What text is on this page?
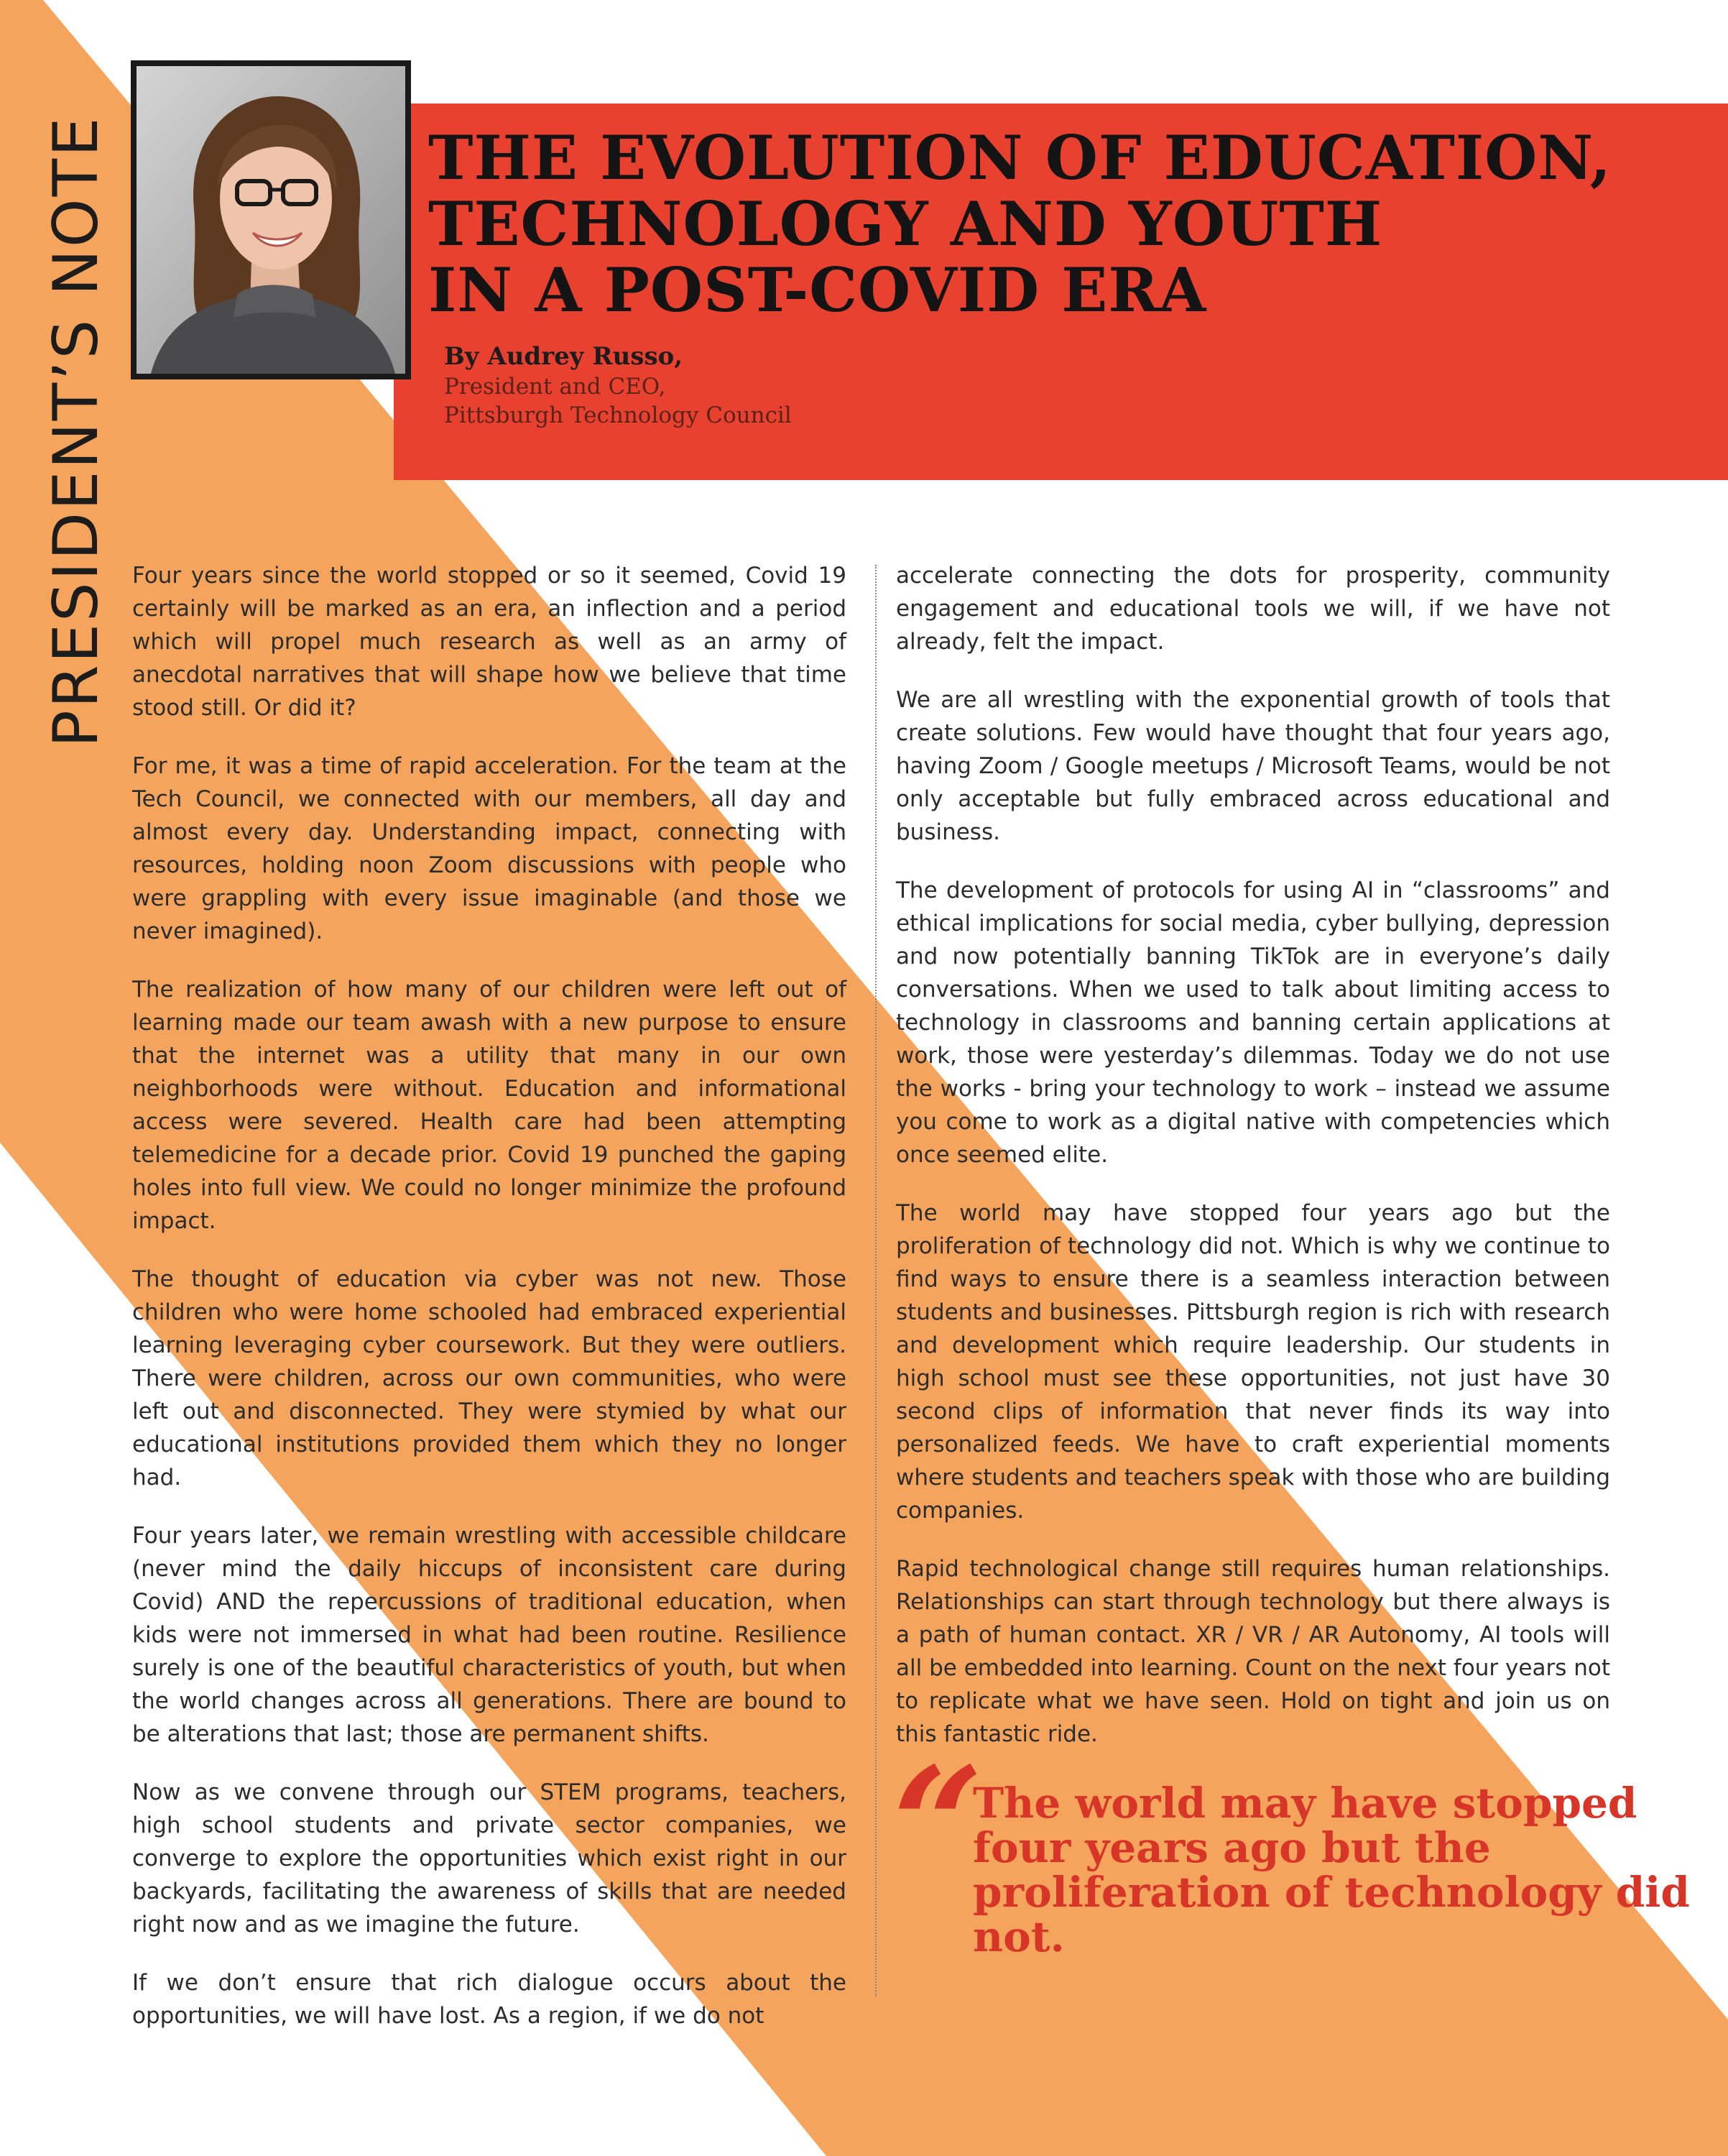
PRESIDENT’S NOTE	THE EVOLUTION OF EDUCATION,
TECHNOLOGY AND YOUTH
IN A POST-COVID ERA
By Audrey Russo,
President and CEO,
Pittsburgh Technology Council

Four years since the world stopped or so it seemed, Covid 19 certainly will be marked as an era, an inflection and a period which will propel much research as well as an army of anecdotal narratives that will shape how we believe that time stood still. Or did it?

For me, it was a time of rapid acceleration. For the team at the Tech Council, we connected with our members, all day and almost every day. Understanding impact, connecting with resources, holding noon Zoom discussions with people who were grappling with every issue imaginable (and those we never imagined).

The realization of how many of our children were left out of learning made our team awash with a new purpose to ensure that the internet was a utility that many in our own neighborhoods were without. Education and informational access were severed. Health care had been attempting telemedicine for a decade prior. Covid 19 punched the gaping holes into full view. We could no longer minimize the profound impact.

The thought of education via cyber was not new. Those children who were home schooled had embraced experiential learning leveraging cyber coursework. But they were outliers. There were children, across our own communities, who were left out and disconnected. They were stymied by what our educational institutions provided them which they no longer had.

Four years later, we remain wrestling with accessible childcare (never mind the daily hiccups of inconsistent care during Covid) AND the repercussions of traditional education, when kids were not immersed in what had been routine. Resilience surely is one of the beautiful characteristics of youth, but when the world changes across all generations. There are bound to be alterations that last; those are permanent shifts.

Now as we convene through our STEM programs, teachers, high school students and private sector companies, we converge to explore the opportunities which exist right in our backyards, facilitating the awareness of skills that are needed right now and as we imagine the future.

If we don’t ensure that rich dialogue occurs about the opportunities, we will have lost. As a region, if we do not

accelerate connecting the dots for prosperity, community engagement and educational tools we will, if we have not already, felt the impact.

We are all wrestling with the exponential growth of tools that create solutions. Few would have thought that four years ago, having Zoom / Google meetups / Microsoft Teams, would be not only acceptable but fully embraced across educational and business.

The development of protocols for using AI in “classrooms” and ethical implications for social media, cyber bullying, depression and now potentially banning TikTok are in everyone’s daily conversations. When we used to talk about limiting access to technology in classrooms and banning certain applications at work, those were yesterday’s dilemmas. Today we do not use the works - bring your technology to work – instead we assume you come to work as a digital native with competencies which once seemed elite.

The world may have stopped four years ago but the proliferation of technology did not. Which is why we continue to find ways to ensure there is a seamless interaction between students and businesses. Pittsburgh region is rich with research and development which require leadership. Our students in high school must see these opportunities, not just have 30 second clips of information that never finds its way into personalized feeds. We have to craft experiential moments where students and teachers speak with those who are building companies.

Rapid technological change still requires human relationships. Relationships can start through technology but there always is a path of human contact. XR / VR / AR Autonomy, AI tools will all be embedded into learning. Count on the next four years not to replicate what we have seen. Hold on tight and join us on this fantastic ride.

“

The world may have stopped four years ago but the proliferation of technology did not.
